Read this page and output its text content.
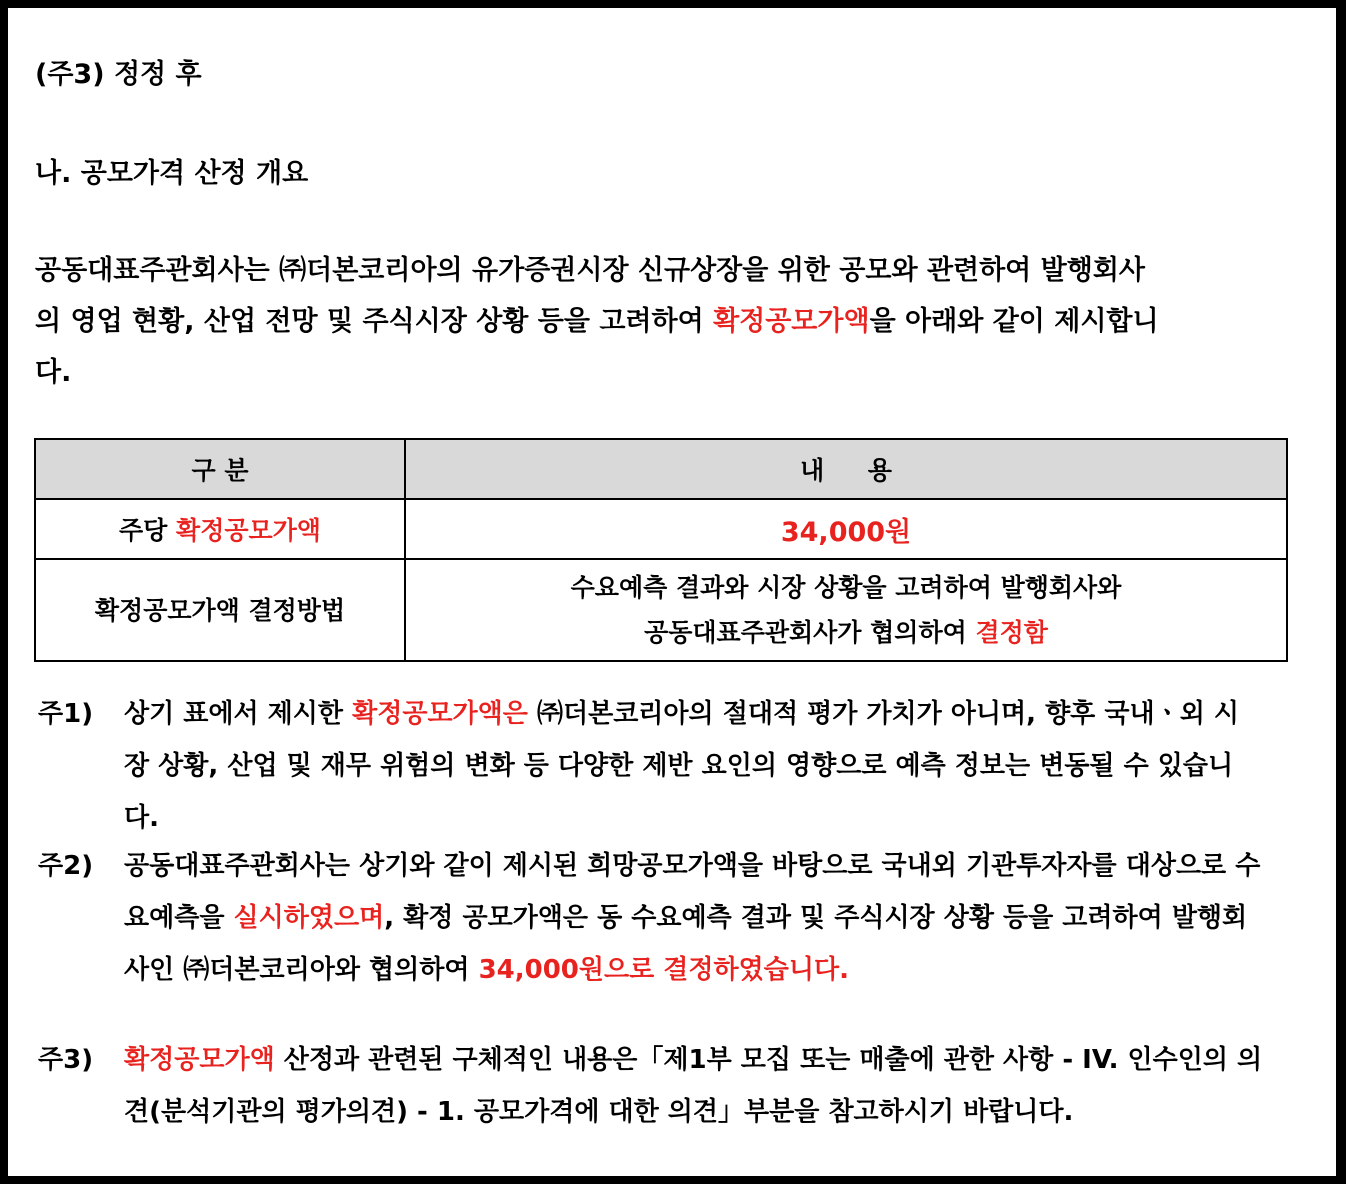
(주3) 정정 후
나. 공모가격 산정 개요
공동대표주관회사는 ㈜더본코리아의 유가증권시장 신규상장을 위한 공모와 관련하여 발행회사
의 영업 현황, 산업 전망 및 주식시장 상황 등을 고려하여 확정공모가액을 아래와 같이 제시합니
다.
구 분	내     용
주당 확정공모가액	34,000원
확정공모가액 결정방법	수요예측 결과와 시장 상황을 고려하여 발행회사와
공동대표주관회사가 협의하여 결정함
주1) 상기 표에서 제시한 확정공모가액은 ㈜더본코리아의 절대적 평가 가치가 아니며, 향후 국내ㆍ외 시
장 상황, 산업 및 재무 위험의 변화 등 다양한 제반 요인의 영향으로 예측 정보는 변동될 수 있습니
다.
주2) 공동대표주관회사는 상기와 같이 제시된 희망공모가액을 바탕으로 국내외 기관투자자를 대상으로 수
요예측을 실시하였으며, 확정 공모가액은 동 수요예측 결과 및 주식시장 상황 등을 고려하여 발행회
사인 ㈜더본코리아와 협의하여 34,000원으로 결정하였습니다.
주3) 확정공모가액 산정과 관련된 구체적인 내용은「제1부 모집 또는 매출에 관한 사항 - IV. 인수인의 의
견(분석기관의 평가의견) - 1. 공모가격에 대한 의견」부분을 참고하시기 바랍니다.
